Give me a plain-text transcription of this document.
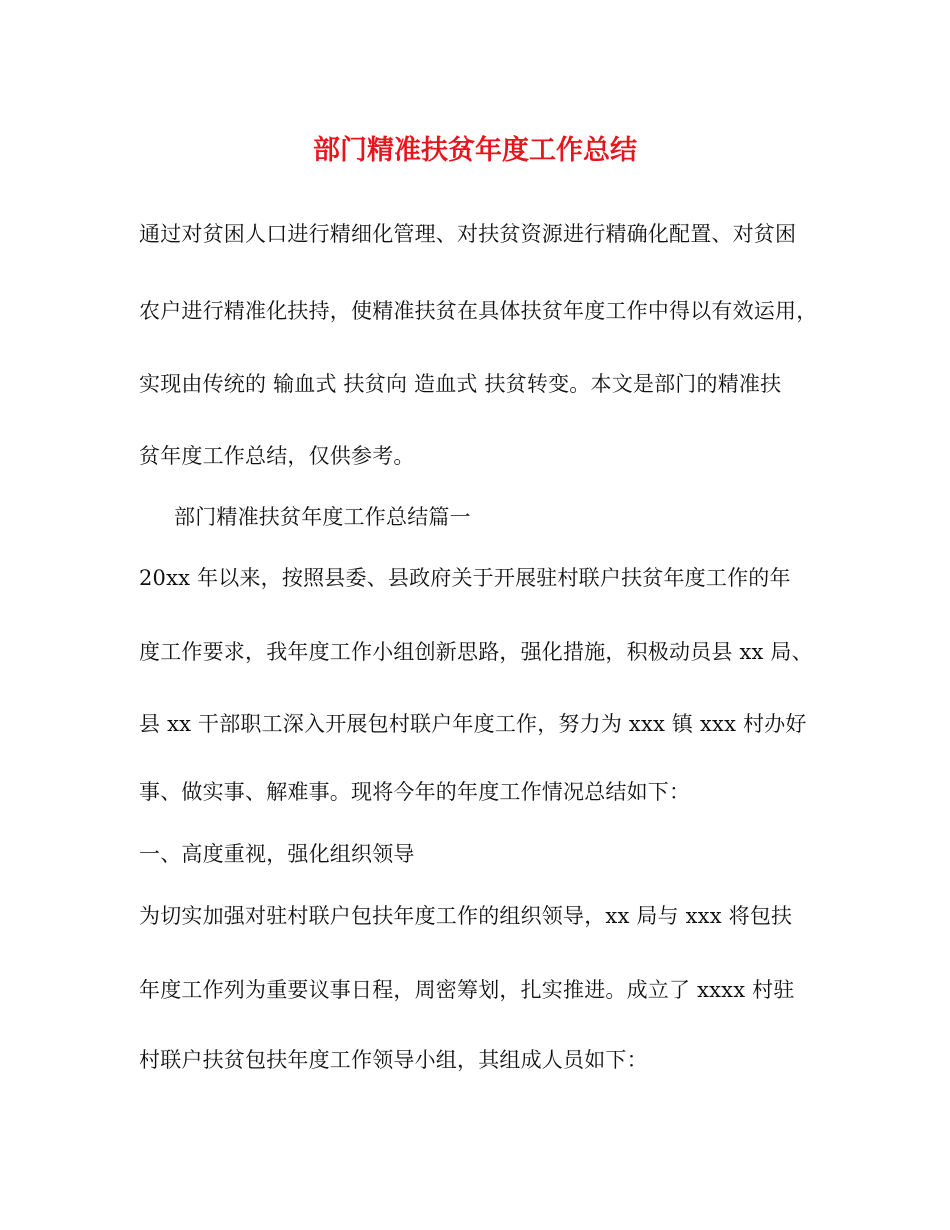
部门精准扶贫年度工作总结
通过对贫困人口进行精细化管理、对扶贫资源进行精确化配置、对贫困
农户进行精准化扶持，使精准扶贫在具体扶贫年度工作中得以有效运用，
实现由传统的 输血式 扶贫向 造血式 扶贫转变。本文是部门的精准扶
贫年度工作总结，仅供参考。
部门精准扶贫年度工作总结篇一
20xx 年以来，按照县委、县政府关于开展驻村联户扶贫年度工作的年
度工作要求，我年度工作小组创新思路，强化措施，积极动员县 xx 局、
县 xx 干部职工深入开展包村联户年度工作，努力为 xxx 镇 xxx 村办好
事、做实事、解难事。现将今年的年度工作情况总结如下：
一、高度重视，强化组织领导
为切实加强对驻村联户包扶年度工作的组织领导，xx 局与 xxx 将包扶
年度工作列为重要议事日程，周密筹划，扎实推进。成立了 xxxx 村驻
村联户扶贫包扶年度工作领导小组，其组成人员如下：
